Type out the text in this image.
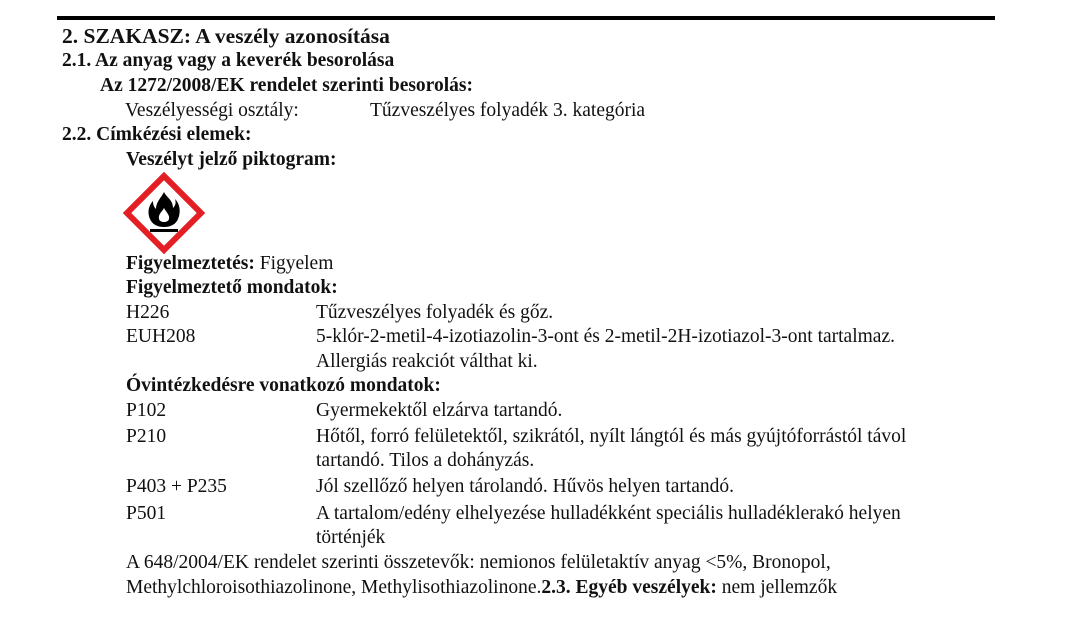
2. SZAKASZ: A veszély azonosítása
2.1. Az anyag vagy a keverék besorolása
Az 1272/2008/EK rendelet szerinti besorolás:
Veszélyességi osztály:	Tűzveszélyes folyadék 3. kategória
2.2. Címkézési elemek:
Veszélyt jelző piktogram:
Figyelmeztetés: Figyelem
Figyelmeztető mondatok:
H226	Tűzveszélyes folyadék és gőz.
EUH208	5-klór-2-metil-4-izotiazolin-3-ont és 2-metil-2H-izotiazol-3-ont tartalmaz.
Allergiás reakciót válthat ki.
Óvintézkedésre vonatkozó mondatok:
P102	Gyermekektől elzárva tartandó.
P210	Hőtől, forró felületektől, szikrától, nyílt lángtól és más gyújtóforrástól távol
tartandó. Tilos a dohányzás.
P403 + P235	Jól szellőző helyen tárolandó. Hűvös helyen tartandó.
P501	A tartalom/edény elhelyezése hulladékként speciális hulladéklerakó helyen
történjék
A 648/2004/EK rendelet szerinti összetevők: nemionos felületaktív anyag <5%, Bronopol,
Methylchloroisothiazolinone, Methylisothiazolinone.2.3. Egyéb veszélyek: nem jellemzők
